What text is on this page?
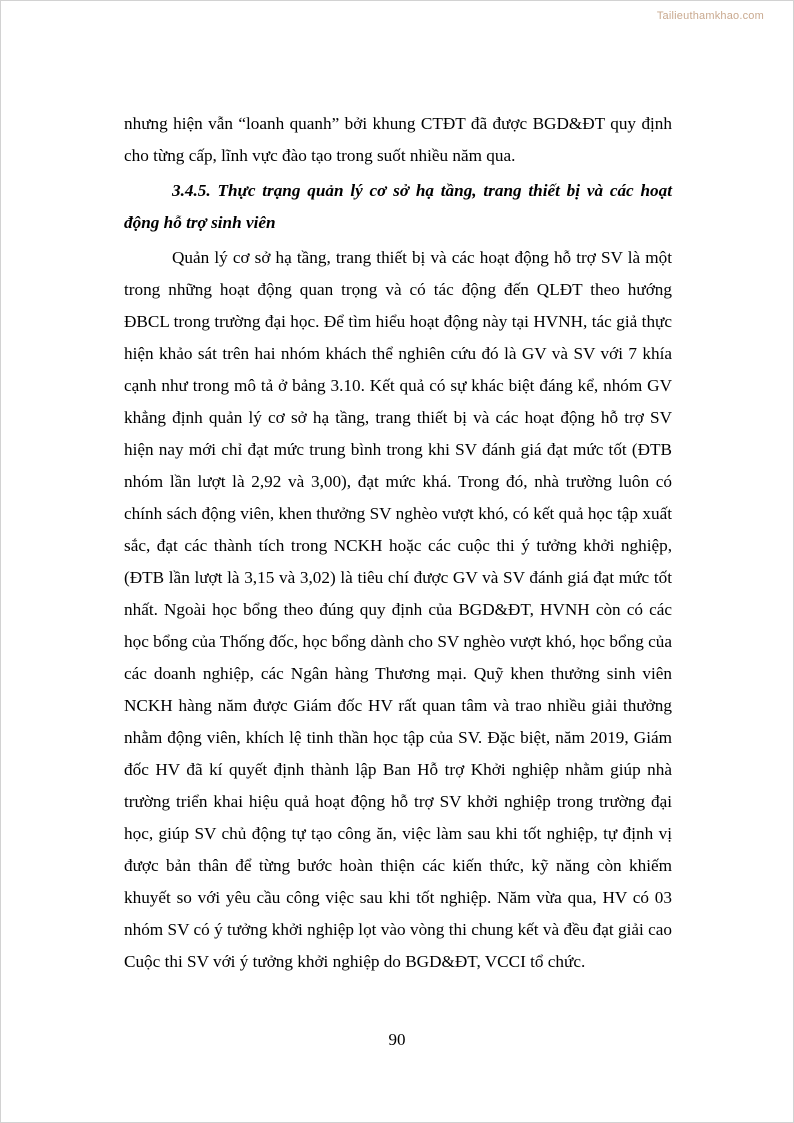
Tailieuthamkhao.com

nhưng hiện vẫn “loanh quanh” bởi khung CTĐT đã được BGD&ĐT quy định cho từng cấp, lĩnh vực đào tạo trong suốt nhiều năm qua.

3.4.5. Thực trạng quản lý cơ sở hạ tầng, trang thiết bị và các hoạt động hỗ trợ sinh viên

Quản lý cơ sở hạ tầng, trang thiết bị và các hoạt động hỗ trợ SV là một trong những hoạt động quan trọng và có tác động đến QLĐT theo hướng ĐBCL trong trường đại học. Để tìm hiểu hoạt động này tại HVNH, tác giả thực hiện khảo sát trên hai nhóm khách thể nghiên cứu đó là GV và SV với 7 khía cạnh như trong mô tả ở bảng 3.10. Kết quả có sự khác biệt đáng kể, nhóm GV khẳng định quản lý cơ sở hạ tầng, trang thiết bị và các hoạt động hỗ trợ SV hiện nay mới chỉ đạt mức trung bình trong khi SV đánh giá đạt mức tốt (ĐTB nhóm lần lượt là 2,92 và 3,00), đạt mức khá. Trong đó, nhà trường luôn có chính sách động viên, khen thưởng SV nghèo vượt khó, có kết quả học tập xuất sắc, đạt các thành tích trong NCKH hoặc các cuộc thi ý tưởng khởi nghiệp, (ĐTB lần lượt là 3,15 và 3,02) là tiêu chí được GV và SV đánh giá đạt mức tốt nhất. Ngoài học bổng theo đúng quy định của BGD&ĐT, HVNH còn có các học bổng của Thống đốc, học bổng dành cho SV nghèo vượt khó, học bổng của các doanh nghiệp, các Ngân hàng Thương mại. Quỹ khen thưởng sinh viên NCKH hàng năm được Giám đốc HV rất quan tâm và trao nhiều giải thưởng nhằm động viên, khích lệ tinh thần học tập của SV. Đặc biệt, năm 2019, Giám đốc HV đã kí quyết định thành lập Ban Hỗ trợ Khởi nghiệp nhằm giúp nhà trường triển khai hiệu quả hoạt động hỗ trợ SV khởi nghiệp trong trường đại học, giúp SV chủ động tự tạo công ăn, việc làm sau khi tốt nghiệp, tự định vị được bản thân để từng bước hoàn thiện các kiến thức, kỹ năng còn khiếm khuyết so với yêu cầu công việc sau khi tốt nghiệp. Năm vừa qua, HV có 03 nhóm SV có ý tưởng khởi nghiệp lọt vào vòng thi chung kết và đều đạt giải cao Cuộc thi SV với ý tưởng khởi nghiệp do BGD&ĐT, VCCI tổ chức.

90
